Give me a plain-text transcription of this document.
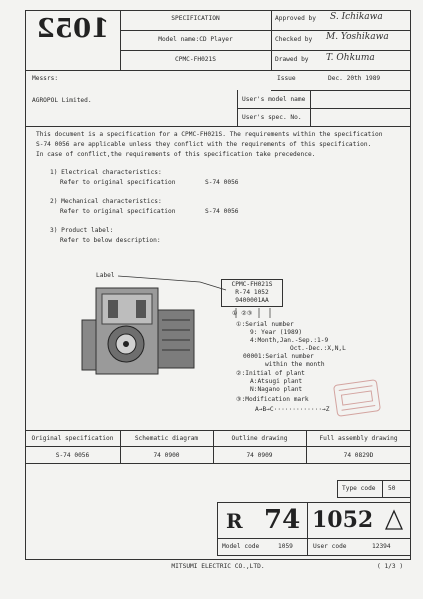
1052	SPECIFICATION
Model name:CD Player
CPMC-FH021S
Approved by S. Ichikawa
Checked by M. Yoshikawa
Drawed by T. Ohkuma
Messrs:	Issue	Dec. 20th 1989
AGROPOL Limited.	User's model name
User's spec. No.
This document is a specification for a CPMC-FH021S. The requirements within the specification
S-74 0056 are applicable unless they conflict with the requirements of this specification.
In case of conflict,the requirements of this specification take precedence.
1) Electrical characteristics:
Refer to original specification	S-74 0056
2) Mechanical characteristics:
Refer to original specification	S-74 0056
3) Product label:
Refer to below description:
Label
CPMC-FH021S
R-74 1052
9400001AA
① ②③
①:Serial number
9: Year (1989)
4:Month,Jan.-Sep.:1-9
Oct.-Dec.:X,N,L
00001:Serial number
within the month
②:Initial of plant
A:Atsugi plant
N:Nagano plant
③:Modification mark
A→B→C·············→Z
Original specification	Schematic diagram	Outline drawing	Full assembly drawing
S-74 0056	74 0900	74 0909	74 0829D
Type code 50
R 74 1052
Model code	1059	User code	12394
MITSUMI ELECTRIC CO.,LTD.	( 1/3 )
